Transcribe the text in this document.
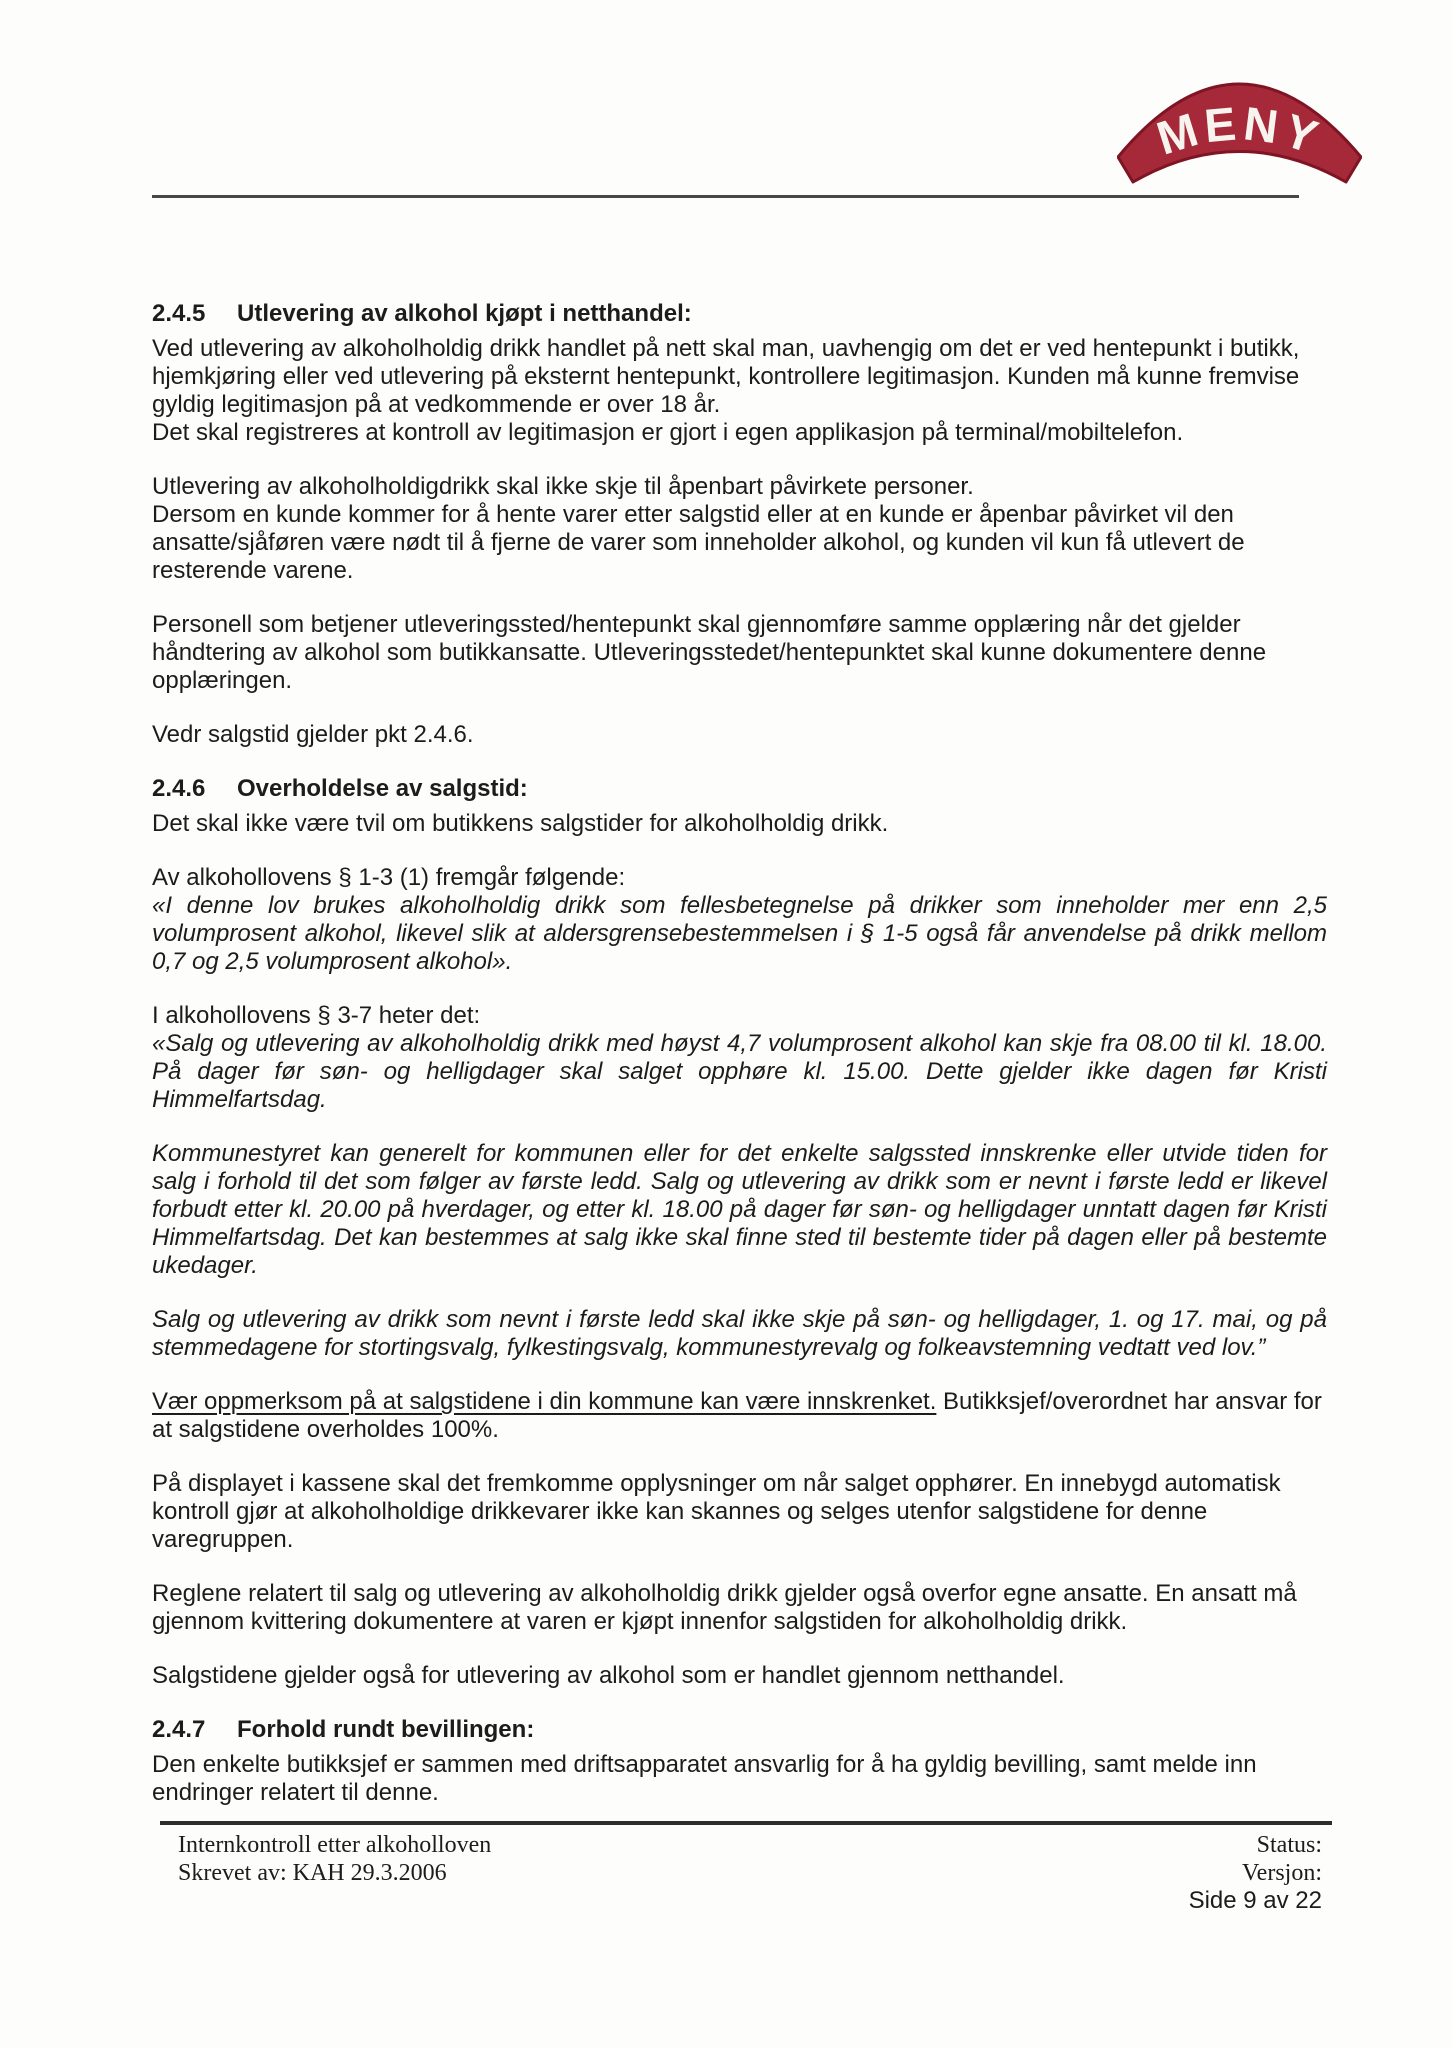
MENY
2.4.5	Utlevering av alkohol kjøpt i netthandel:

Ved utlevering av alkoholholdig drikk handlet på nett skal man, uavhengig om det er ved hentepunkt i butikk, hjemkjøring eller ved utlevering på eksternt hentepunkt, kontrollere legitimasjon. Kunden må kunne fremvise gyldig legitimasjon på at vedkommende er over 18 år.

Det skal registreres at kontroll av legitimasjon er gjort i egen applikasjon på terminal/mobiltelefon.

Utlevering av alkoholholdigdrikk skal ikke skje til åpenbart påvirkete personer.

Dersom en kunde kommer for å hente varer etter salgstid eller at en kunde er åpenbar påvirket vil den ansatte/sjåføren være nødt til å fjerne de varer som inneholder alkohol, og kunden vil kun få utlevert de resterende varene.

Personell som betjener utleveringssted/hentepunkt skal gjennomføre samme opplæring når det gjelder håndtering av alkohol som butikkansatte. Utleveringsstedet/hentepunktet skal kunne dokumentere denne opplæringen.

Vedr salgstid gjelder pkt 2.4.6.

2.4.6	Overholdelse av salgstid:

Det skal ikke være tvil om butikkens salgstider for alkoholholdig drikk.

Av alkohollovens § 1-3 (1) fremgår følgende:

«I denne lov brukes alkoholholdig drikk som fellesbetegnelse på drikker som inneholder mer enn 2,5 volumprosent alkohol, likevel slik at aldersgrensebestemmelsen i § 1-5 også får anvendelse på drikk mellom 0,7 og 2,5 volumprosent alkohol».

I alkohollovens § 3-7 heter det:

«Salg og utlevering av alkoholholdig drikk med høyst 4,7 volumprosent alkohol kan skje fra 08.00 til kl. 18.00. På dager før søn- og helligdager skal salget opphøre kl. 15.00. Dette gjelder ikke dagen før Kristi Himmelfartsdag.

Kommunestyret kan generelt for kommunen eller for det enkelte salgssted innskrenke eller utvide tiden for salg i forhold til det som følger av første ledd. Salg og utlevering av drikk som er nevnt i første ledd er likevel forbudt etter kl. 20.00 på hverdager, og etter kl. 18.00 på dager før søn- og helligdager unntatt dagen før Kristi Himmelfartsdag. Det kan bestemmes at salg ikke skal finne sted til bestemte tider på dagen eller på bestemte ukedager.

Salg og utlevering av drikk som nevnt i første ledd skal ikke skje på søn- og helligdager, 1. og 17. mai, og på stemmedagene for stortingsvalg, fylkestingsvalg, kommunestyrevalg og folkeavstemning vedtatt ved lov.”

Vær oppmerksom på at salgstidene i din kommune kan være innskrenket. Butikksjef/overordnet har ansvar for at salgstidene overholdes 100%.

På displayet i kassene skal det fremkomme opplysninger om når salget opphører. En innebygd automatisk kontroll gjør at alkoholholdige drikkevarer ikke kan skannes og selges utenfor salgstidene for denne varegruppen.

Reglene relatert til salg og utlevering av alkoholholdig drikk gjelder også overfor egne ansatte. En ansatt må gjennom kvittering dokumentere at varen er kjøpt innenfor salgstiden for alkoholholdig drikk.

Salgstidene gjelder også for utlevering av alkohol som er handlet gjennom netthandel.

2.4.7	Forhold rundt bevillingen:

Den enkelte butikksjef er sammen med driftsapparatet ansvarlig for å ha gyldig bevilling, samt melde inn endringer relatert til denne.

Internkontroll etter alkoholloven
Skrevet av: KAH 29.3.2006
Status:
Versjon:
Side 9 av 22
